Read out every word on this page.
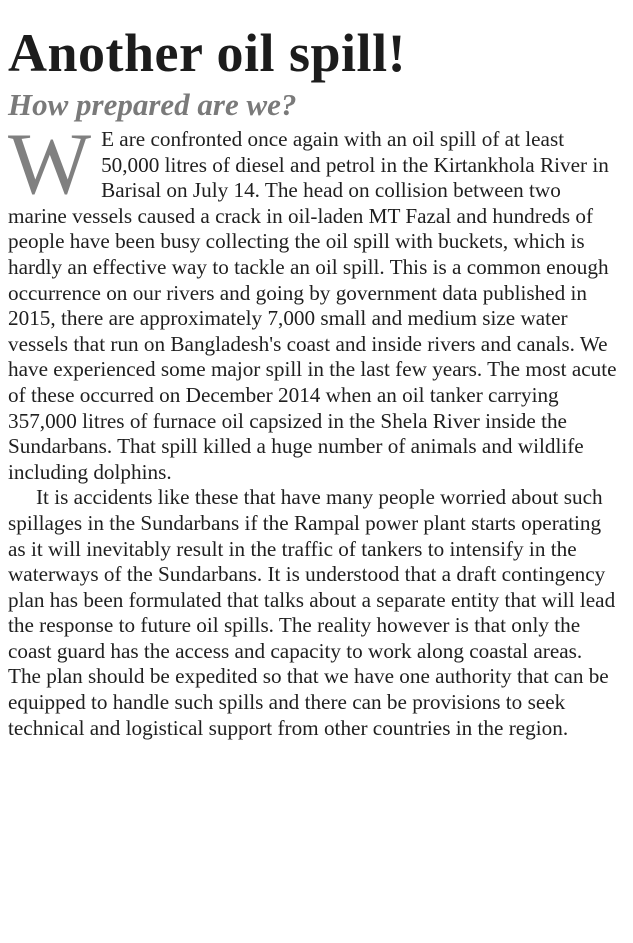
Another oil spill!
How prepared are we?

W E are confronted once again with an oil spill of at least 50,000 litres of diesel and petrol in the Kirtankhola River in Barisal on July 14. The head on collision between two marine vessels caused a crack in oil-laden MT Fazal and hundreds of people have been busy collecting the oil spill with buckets, which is hardly an effective way to tackle an oil spill. This is a common enough occurrence on our rivers and going by government data published in 2015, there are approximately 7,000 small and medium size water vessels that run on Bangladesh's coast and inside rivers and canals. We have experienced some major spill in the last few years. The most acute of these occurred on December 2014 when an oil tanker carrying 357,000 litres of furnace oil capsized in the Shela River inside the Sundarbans. That spill killed a huge number of animals and wildlife including dolphins.

It is accidents like these that have many people worried about such spillages in the Sundarbans if the Rampal power plant starts operating as it will inevitably result in the traffic of tankers to intensify in the waterways of the Sundarbans. It is understood that a draft contingency plan has been formulated that talks about a separate entity that will lead the response to future oil spills. The reality however is that only the coast guard has the access and capacity to work along coastal areas. The plan should be expedited so that we have one authority that can be equipped to handle such spills and there can be provisions to seek technical and logistical support from other countries in the region.
